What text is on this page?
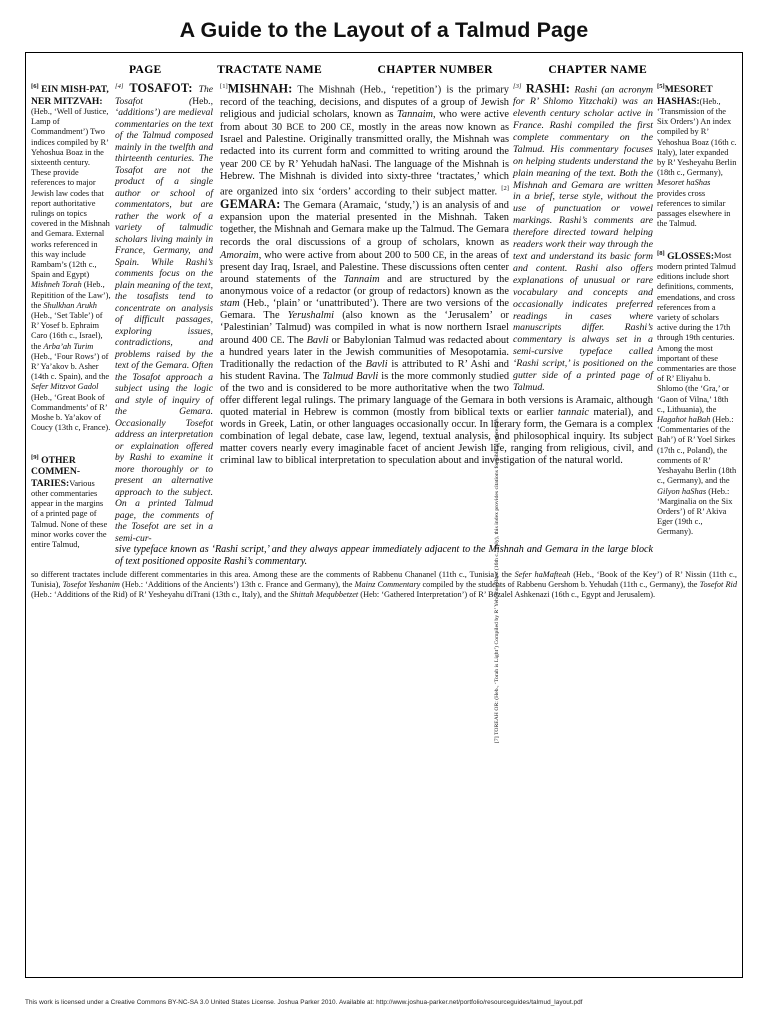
A Guide to the Layout of a Talmud Page
PAGE	TRACTATE NAME	CHAPTER NUMBER	CHAPTER NAME

[6] EIN MISH-PAT, NER MITZVAH:(Heb., ‘Well of Justice, Lamp of Commandment’) Two indices compiled by R’ Yehoshua Boaz in the sixteenth century. These provide references to major Jewish law codes that report authoritative rulings on topics covered in the Mishnah and Gemara. External works referenced in this way include Rambam’s (12th c., Spain and Egypt) Mishneh Torah (Heb., Repitition of the Law’), the Shulkhan Arukh (Heb., ‘Set Table’) of R’ Yosef b. Ephraim Caro (16th c., Israel), the Arba’ah Turim (Heb., ‘Four Rows’) of R’ Ya’akov b. Asher (14th c. Spain), and the Sefer Mitzvot Gadol (Heb., ‘Great Book of Commandments’ of R’ Moshe b. Ya’akov of Coucy (13th c, France).

[9] OTHER COMMEN-TARIES:Various other commentaries appear in the margins of a printed page of Talmud. None of these minor works cover the entire Talmud,

[4] TOSAFOT: The Tosafot (Heb., ‘additions’) are medieval commentaries on the text of the Talmud composed mainly in the twelfth and thirteenth centuries. The Tosafot are not the product of a single author or school of commentators, but are rather the work of a variety of talmudic scholars living mainly in France, Germany, and Spain. While Rashi’s comments focus on the plain meaning of the text, the tosafists tend to concentrate on analysis of difficult passages, exploring issues, contradictions, and problems raised by the text of the Gemara. Often the Tosafot approach a subject using the logic and style of inquiry of the Gemara. Occasionally Tosefot address an interpretation or explaination offered by Rashi to examine it more thoroughly or to present an alternative approach to the subject. On a printed Talmud page, the comments of the Tosefot are set in a semi-cur-
[3] RASHI: Rashi (an acronym for R’ Shlomo Yitzchaki) was an eleventh century scholar active in France. Rashi compiled the first complete commentary on the Talmud. His commentary focuses on helping students understand the plain meaning of the text. Both the Mishnah and Gemara are written in a brief, terse style, without the use of punctuation or vowel markings. Rashi’s comments are therefore directed toward helping readers work their way through the text and understand its basic form and content. Rashi also offers explanations of unusual or rare vocabulary and concepts and occasionally indicates preferred readings in cases where manuscripts differ. Rashi’s commentary is always set in a semi-cursive typeface called ‘Rashi script,’ is positioned on the gutter side of a printed page of Talmud.
[7] TOREAH OR: (Heb., ‘Torah is Light’) Compiled by R’ Yehoshua Boaz (16th c., Italy), this index provides citations for biblical references.
[1]MISHNAH: The Mishnah (Heb., ‘repetition’) is the primary record of the teaching, decisions, and disputes of a group of Jewish religious and judicial scholars, known as Tannaim, who were active from about 30 BCE to 200 CE, mostly in the areas now known as Israel and Palestine. Originally transmitted orally, the Mishnah was redacted into its current form and committed to writing around the year 200 CE by R’ Yehudah haNasi. The language of the Mishnah is Hebrew. The Mishnah is divided into sixty-three ‘tractates,’ which are organized into six ‘orders’ according to their subject matter. [2] GEMARA: The Gemara (Aramaic, ‘study,’) is an analysis of and expansion upon the material presented in the Mishnah. Taken together, the Mishnah and Gemara make up the Talmud. The Gemara records the oral discussions of a group of scholars, known as Amoraim, who were active from about 200 to 500 CE, in the areas of present day Iraq, Israel, and Palestine. These discussions often center around statements of the Tannaim and are structured by the anonymous voice of a redactor (or group of redactors) known as the stam (Heb., ‘plain’ or ‘unattributed’). There are two versions of the Gemara. The Yerushalmi (also known as the ‘Jerusalem’ or ‘Palestinian’ Talmud) was compiled in what is now northern Israel around 400 CE. The Bavli or Babylonian Talmud was redacted about a hundred years later in the Jewish communities of Mesopotamia. Traditionally the redaction of the Bavli is attributed to R’ Ashi and his student Ravina. The Talmud Bavli is the more commonly studied of the two and is considered to be more authoritative when the two offer different legal rulings. The primary language of the Gemara in both versions is Aramaic, although quoted material in Hebrew is common (mostly from biblical texts or earlier tannaic material), and words in Greek, Latin, or other languages occasionally occur. In literary form, the Gemara is a complex combination of legal debate, case law, legend, textual analysis, and philosophical inquiry. Its subject matter covers nearly every imaginable facet of ancient Jewish life, ranging from religious, civil, and criminal law to biblical interpretation to speculation about and investigation of the natural world.
sive typeface known as ‘Rashi script,’ and they always appear immediately adjacent to the Mishnah and Gemara in the large block of text positioned opposite Rashi’s commentary.

[5]MESORET HASHAS:(Heb., ‘Transmission of the Six Orders’) An index compiled by R’ Yehoshua Boaz (16th c. Italy), later expanded by R’ Yesheyahu Berlin (18th c., Germany), Mesoret haShas provides cross references to similar passages elsewhere in the Talmud.

[8] GLOSSES:Most modern printed Talmud editions include short definitions, comments, emendations, and cross references from a variety of scholars active during the 17th through 19th centuries. Among the most important of these commentaries are those of R’ Eliyahu b. Shlomo (the ‘Gra,’ or ‘Gaon of Vilna,’ 18th c., Lithuania), the Hagahot haBah (Heb.: ‘Commentaries of the Bah’) of R’ Yoel Sirkes (17th c., Poland), the comments of R’ Yeshayahu Berlin (18th c., Germany), and the Gilyon haShas (Heb.: ‘Marginalia on the Six Orders’) of R’ Akiva Eger (19th c., Germany).

so different tractates include different commentaries in this area. Among these are the comments of Rabbenu Chananel (11th c., Tunisia), the Sefer haMafteah (Heb., ‘Book of the Key’) of R’ Nissin (11th c., Tunisia), Tosefot Yeshanim (Heb.: ‘Additions of the Ancients’) 13th c. France and Germany), the Mainz Commentary compiled by the students of Rabbenu Gershom b. Yehudah (11th c., Germany), the Tosefot Rid (Heb.: ‘Additions of the Rid) of R’ Yesheyahu diTrani (13th c., Italy), and the Shittah Mequbbetzet (Heb: ‘Gathered Interpretation’) of R’ Bezalel Ashkenazi (16th c., Egypt and Jerusalem).
This work is licensed under a Creative Commons BY-NC-SA 3.0 United States License. Joshua Parker 2010. Available at: http://www.joshua-parker.net/portfolio/resourceguides/talmud_layout.pdf
